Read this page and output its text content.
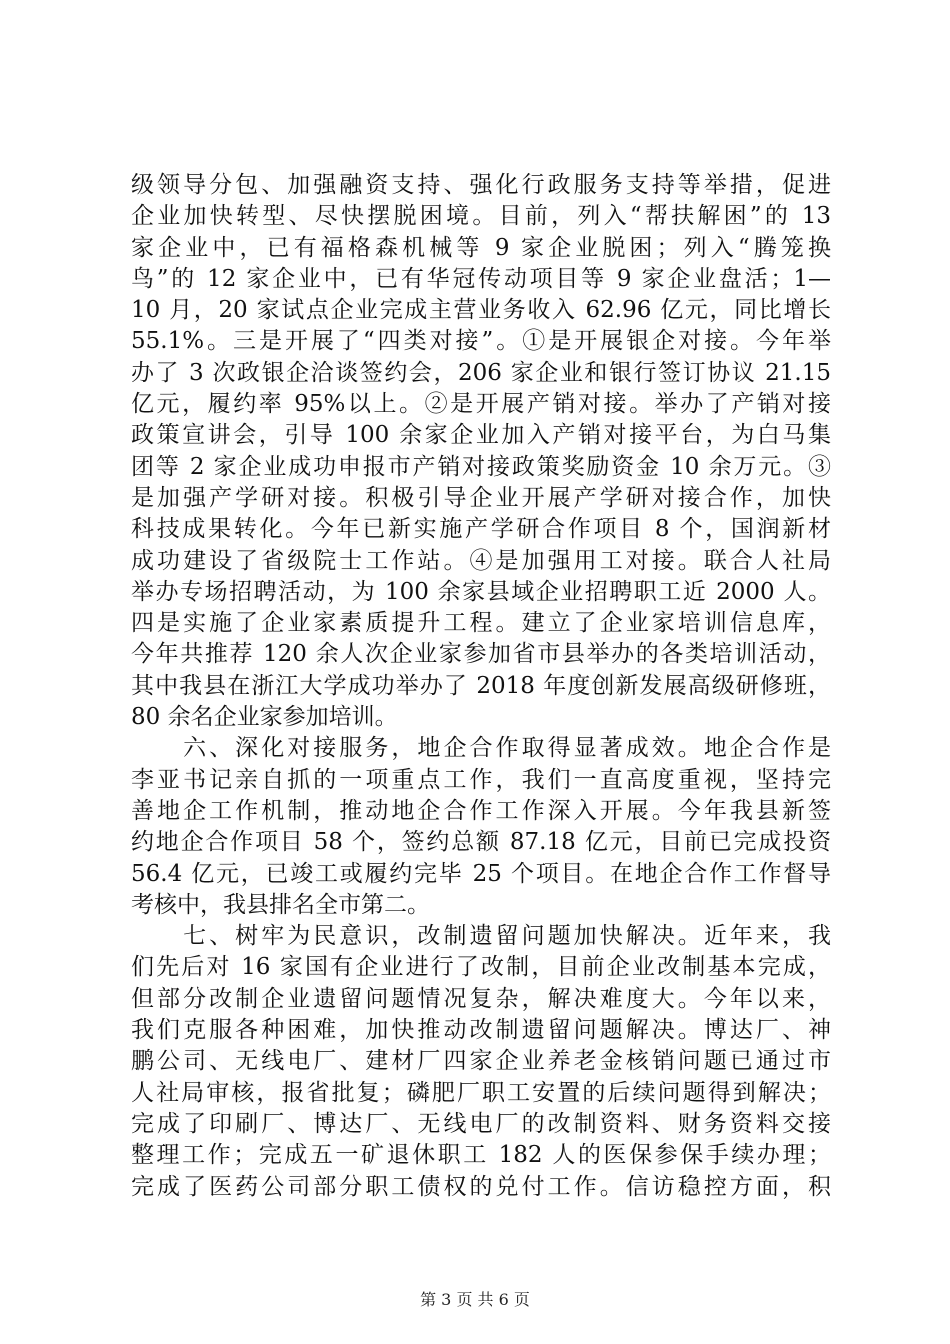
级领导分包、加强融资支持、强化行政服务支持等举措，促进
企业加快转型、尽快摆脱困境。目前，列入“帮扶解困”的 13
家企业中，已有福格森机械等 9 家企业脱困；列入“腾笼换
鸟”的 12 家企业中，已有华冠传动项目等 9 家企业盘活；1—
10 月，20 家试点企业完成主营业务收入 62.96 亿元，同比增长
55.1%。三是开展了“四类对接”。①是开展银企对接。今年举
办了 3 次政银企洽谈签约会，206 家企业和银行签订协议 21.15
亿元，履约率 95%以上。②是开展产销对接。举办了产销对接
政策宣讲会，引导 100 余家企业加入产销对接平台，为白马集
团等 2 家企业成功申报市产销对接政策奖励资金 10 余万元。③
是加强产学研对接。积极引导企业开展产学研对接合作，加快
科技成果转化。今年已新实施产学研合作项目 8 个，国润新材
成功建设了省级院士工作站。④是加强用工对接。联合人社局
举办专场招聘活动，为 100 余家县域企业招聘职工近 2000 人。
四是实施了企业家素质提升工程。建立了企业家培训信息库，
今年共推荐 120 余人次企业家参加省市县举办的各类培训活动，
其中我县在浙江大学成功举办了 2018 年度创新发展高级研修班，
80 余名企业家参加培训。
　　六、深化对接服务，地企合作取得显著成效。地企合作是
李亚书记亲自抓的一项重点工作，我们一直高度重视，坚持完
善地企工作机制，推动地企合作工作深入开展。今年我县新签
约地企合作项目 58 个，签约总额 87.18 亿元，目前已完成投资
56.4 亿元，已竣工或履约完毕 25 个项目。在地企合作工作督导
考核中，我县排名全市第二。
　　七、树牢为民意识，改制遗留问题加快解决。近年来，我
们先后对 16 家国有企业进行了改制，目前企业改制基本完成，
但部分改制企业遗留问题情况复杂，解决难度大。今年以来，
我们克服各种困难，加快推动改制遗留问题解决。博达厂、神
鹏公司、无线电厂、建材厂四家企业养老金核销问题已通过市
人社局审核，报省批复；磷肥厂职工安置的后续问题得到解决；
完成了印刷厂、博达厂、无线电厂的改制资料、财务资料交接
整理工作；完成五一矿退休职工 182 人的医保参保手续办理；
完成了医药公司部分职工债权的兑付工作。信访稳控方面，积
第 3 页 共 6 页
